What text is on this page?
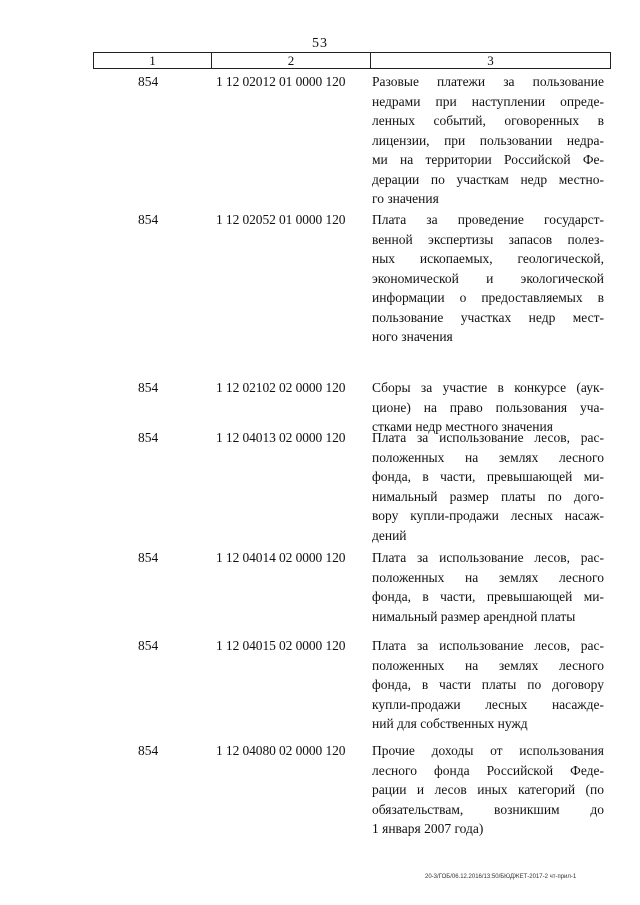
53
1	2	3
854	1 12 02012 01 0000 120	Разовые платежи за пользование
недрами при наступлении опреде-
ленных событий, оговоренных в
лицензии, при пользовании недра-
ми на территории Российской Фе-
дерации по участкам недр местно-
го значения
854	1 12 02052 01 0000 120	Плата за проведение государст-
венной экспертизы запасов полез-
ных ископаемых, геологической,
экономической и экологической
информации о предоставляемых в
пользование участках недр мест-
ного значения
854	1 12 02102 02 0000 120	Сборы за участие в конкурсе (аук-
ционе) на право пользования уча-
стками недр местного значения
854	1 12 04013 02 0000 120	Плата за использование лесов, рас-
положенных на землях лесного
фонда, в части, превышающей ми-
нимальный размер платы по дого-
вору купли-продажи лесных насаж-
дений
854	1 12 04014 02 0000 120	Плата за использование лесов, рас-
положенных на землях лесного
фонда, в части, превышающей ми-
нимальный размер арендной платы
854	1 12 04015 02 0000 120	Плата за использование лесов, рас-
положенных на землях лесного
фонда, в части платы по договору
купли-продажи лесных насажде-
ний для собственных нужд
854	1 12 04080 02 0000 120	Прочие доходы от использования
лесного фонда Российской Феде-
рации и лесов иных категорий (по
обязательствам, возникшим до
1 января 2007 года)
20-3/ГОБ/06.12.2016/13:50/БЮДЖЕТ-2017-2 чт-прил-1
